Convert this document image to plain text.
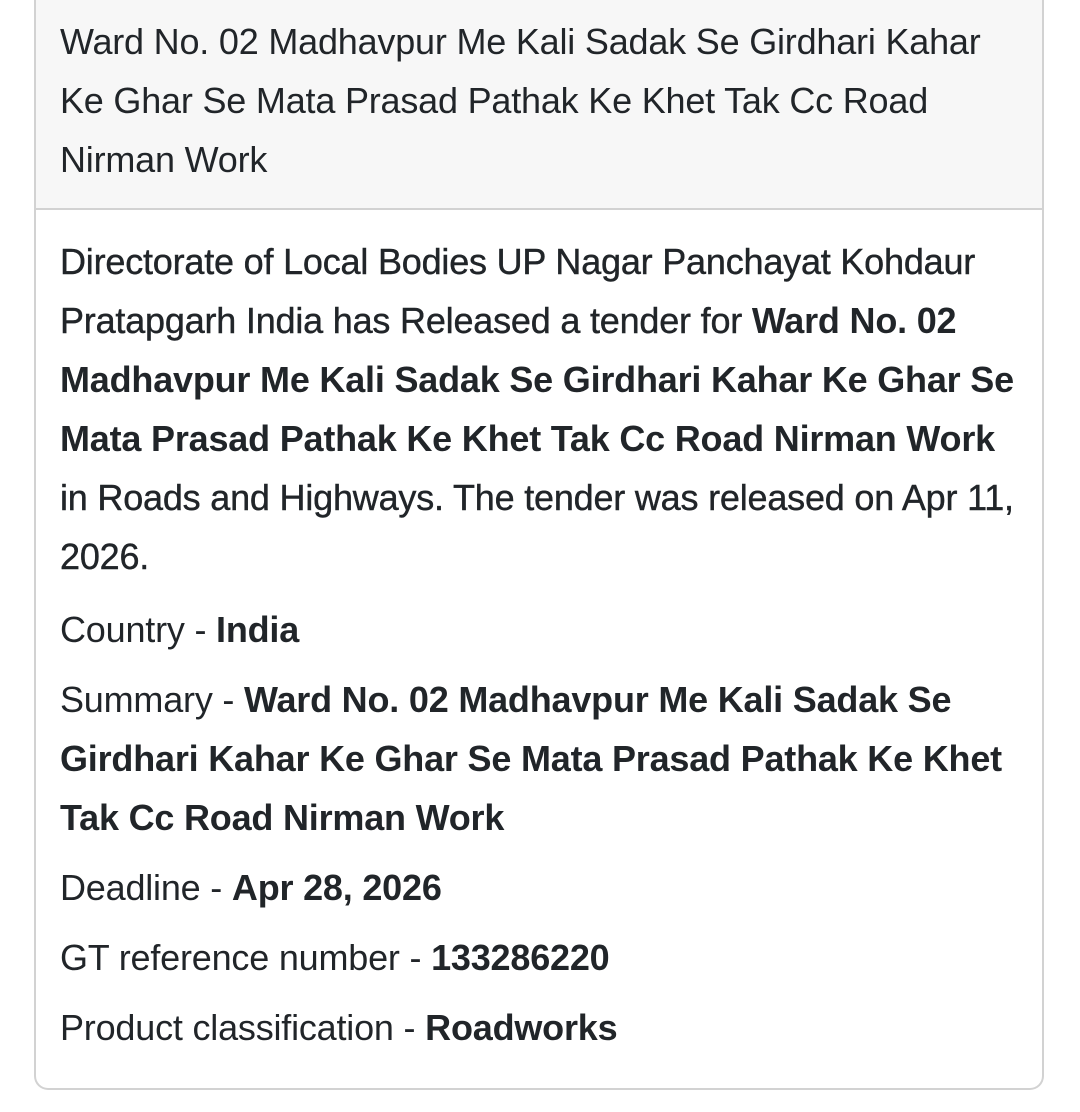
Ward No. 02 Madhavpur Me Kali Sadak Se Girdhari Kahar Ke Ghar Se Mata Prasad Pathak Ke Khet Tak Cc Road Nirman Work

Directorate of Local Bodies UP Nagar Panchayat Kohdaur Pratapgarh India has Released a tender for Ward No. 02 Madhavpur Me Kali Sadak Se Girdhari Kahar Ke Ghar Se Mata Prasad Pathak Ke Khet Tak Cc Road Nirman Work in Roads and Highways. The tender was released on Apr 11, 2026.

Country - India
Summary - Ward No. 02 Madhavpur Me Kali Sadak Se Girdhari Kahar Ke Ghar Se Mata Prasad Pathak Ke Khet Tak Cc Road Nirman Work
Deadline - Apr 28, 2026
GT reference number - 133286220
Product classification - Roadworks
